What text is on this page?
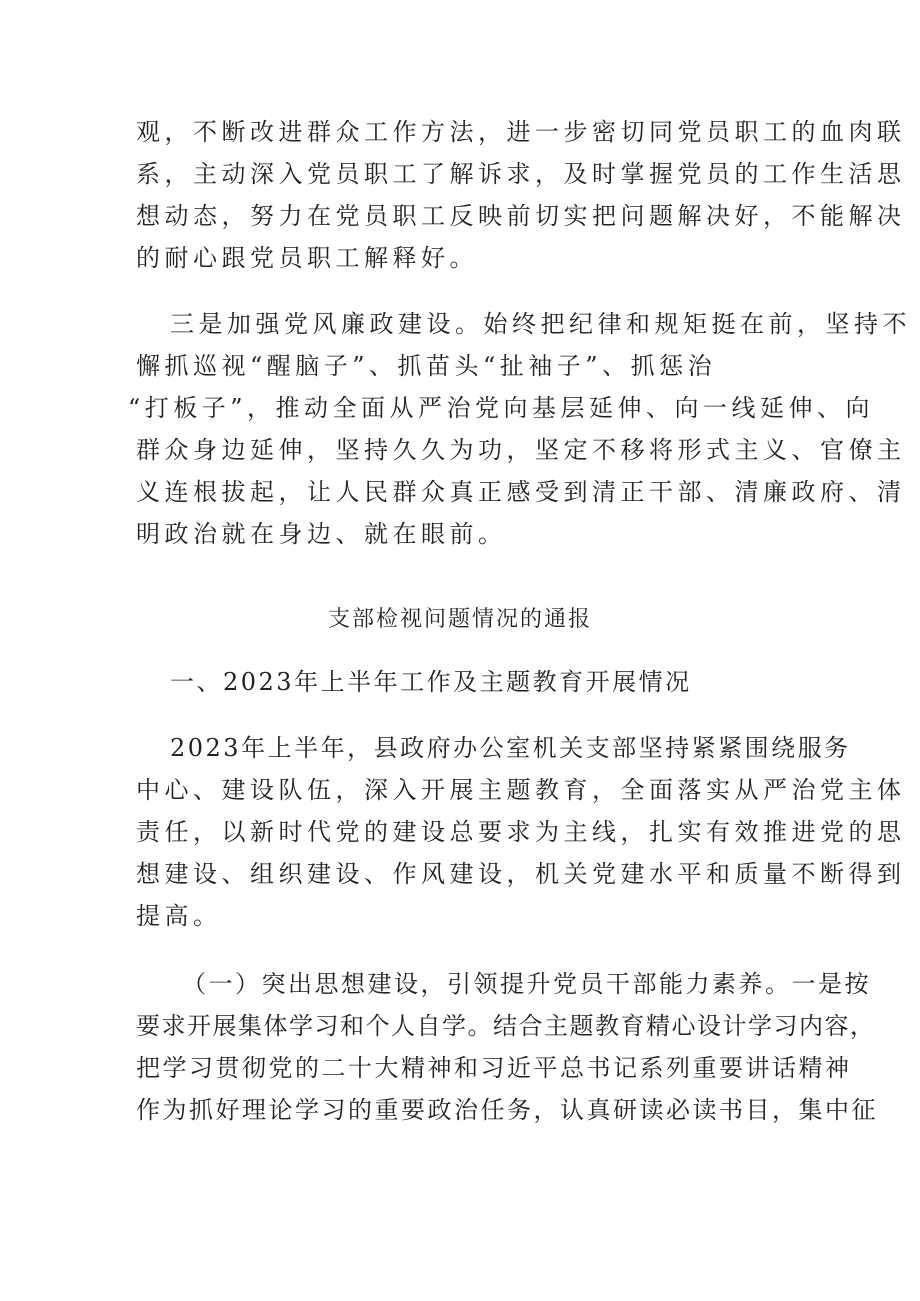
观，不断改进群众工作方法，进一步密切同党员职工的血肉联
系，主动深入党员职工了解诉求，及时掌握党员的工作生活思
想动态，努力在党员职工反映前切实把问题解决好，不能解决
的耐心跟党员职工解释好。
三是加强党风廉政建设。始终把纪律和规矩挺在前，坚持不
懈抓巡视“醒脑子”、抓苗头“扯袖子”、抓惩治
“打板子”，推动全面从严治党向基层延伸、向一线延伸、向
群众身边延伸，坚持久久为功，坚定不移将形式主义、官僚主
义连根拔起，让人民群众真正感受到清正干部、清廉政府、清
明政治就在身边、就在眼前。
支部检视问题情况的通报
一、2023年上半年工作及主题教育开展情况
2023年上半年，县政府办公室机关支部坚持紧紧围绕服务
中心、建设队伍，深入开展主题教育，全面落实从严治党主体
责任，以新时代党的建设总要求为主线，扎实有效推进党的思
想建设、组织建设、作风建设，机关党建水平和质量不断得到
提高。
（一）突出思想建设，引领提升党员干部能力素养。一是按
要求开展集体学习和个人自学。结合主题教育精心设计学习内容，
把学习贯彻党的二十大精神和习近平总书记系列重要讲话精神
作为抓好理论学习的重要政治任务，认真研读必读书目，集中征
